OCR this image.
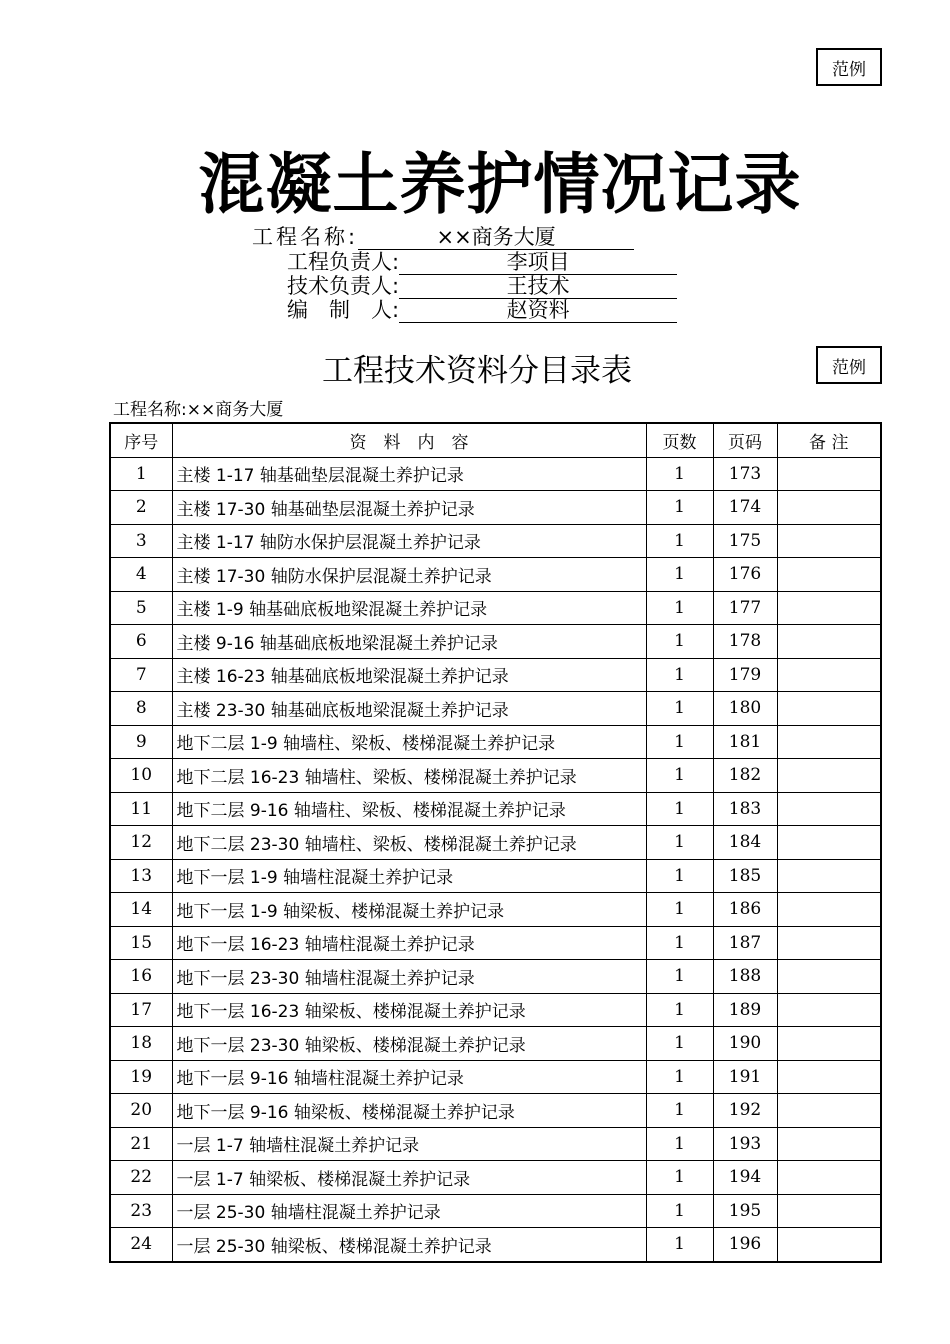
范例
混凝土养护情况记录
工程名称:	××商务大厦
工程负责人:	李项目
技术负责人:	王技术
编　制　人:	赵资料
工程技术资料分目录表	范例
工程名称:××商务大厦
序号	资　料　内　容	页数	页码	备 注
1	主楼 1-17 轴基础垫层混凝土养护记录	1	173	
2	主楼 17-30 轴基础垫层混凝土养护记录	1	174	
3	主楼 1-17 轴防水保护层混凝土养护记录	1	175	
4	主楼 17-30 轴防水保护层混凝土养护记录	1	176	
5	主楼 1-9 轴基础底板地梁混凝土养护记录	1	177	
6	主楼 9-16 轴基础底板地梁混凝土养护记录	1	178	
7	主楼 16-23 轴基础底板地梁混凝土养护记录	1	179	
8	主楼 23-30 轴基础底板地梁混凝土养护记录	1	180	
9	地下二层 1-9 轴墙柱、梁板、楼梯混凝土养护记录	1	181	
10	地下二层 16-23 轴墙柱、梁板、楼梯混凝土养护记录	1	182	
11	地下二层 9-16 轴墙柱、梁板、楼梯混凝土养护记录	1	183	
12	地下二层 23-30 轴墙柱、梁板、楼梯混凝土养护记录	1	184	
13	地下一层 1-9 轴墙柱混凝土养护记录	1	185	
14	地下一层 1-9 轴梁板、楼梯混凝土养护记录	1	186	
15	地下一层 16-23 轴墙柱混凝土养护记录	1	187	
16	地下一层 23-30 轴墙柱混凝土养护记录	1	188	
17	地下一层 16-23 轴梁板、楼梯混凝土养护记录	1	189	
18	地下一层 23-30 轴梁板、楼梯混凝土养护记录	1	190	
19	地下一层 9-16 轴墙柱混凝土养护记录	1	191	
20	地下一层 9-16 轴梁板、楼梯混凝土养护记录	1	192	
21	一层 1-7 轴墙柱混凝土养护记录	1	193	
22	一层 1-7 轴梁板、楼梯混凝土养护记录	1	194	
23	一层 25-30 轴墙柱混凝土养护记录	1	195	
24	一层 25-30 轴梁板、楼梯混凝土养护记录	1	196	
